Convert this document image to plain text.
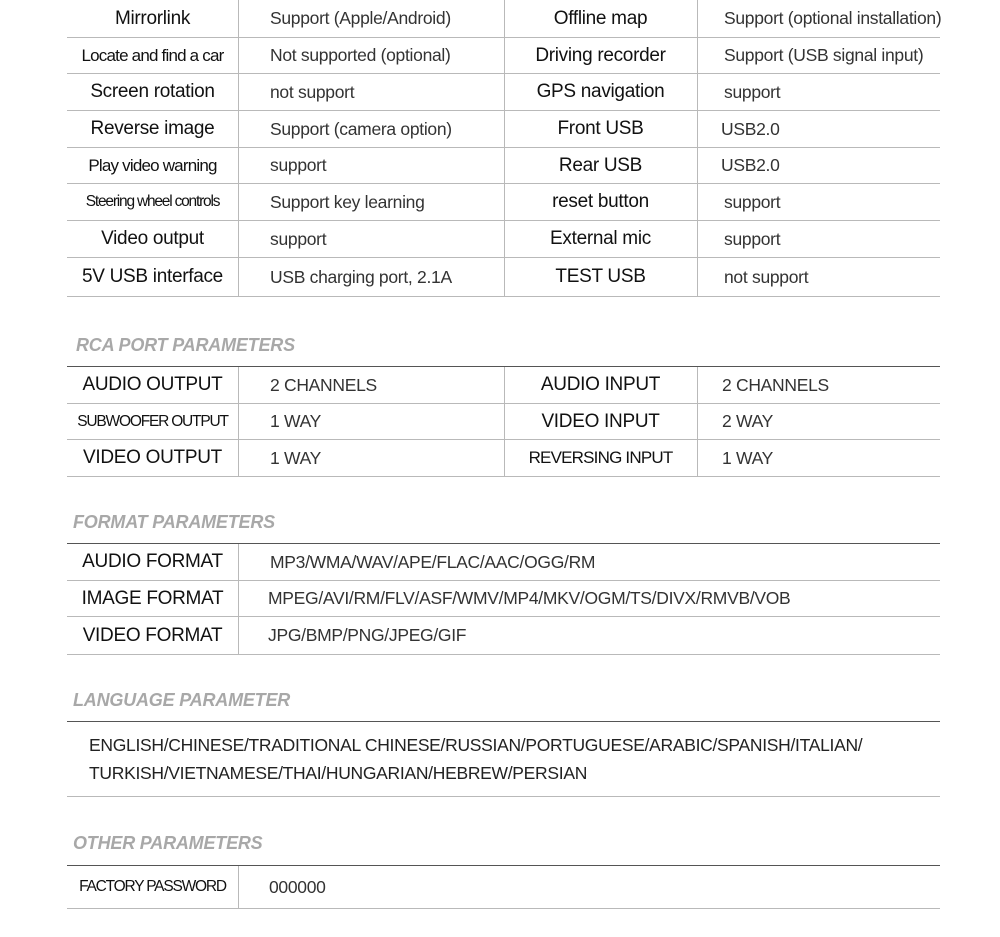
Mirrorlink	Support (Apple/Android)	Offline map	Support (optional installation)
Locate and find a car	Not supported (optional)	Driving recorder	Support (USB signal input)
Screen rotation	not support	GPS navigation	support
Reverse image	Support (camera option)	Front USB	USB2.0
Play video warning	support	Rear USB	USB2.0
Steering wheel controls	Support key learning	reset button	support
Video output	support	External mic	support
5V USB interface	USB charging port, 2.1A	TEST USB	not support
RCA PORT PARAMETERS
AUDIO OUTPUT	2 CHANNELS	AUDIO INPUT	2 CHANNELS
SUBWOOFER OUTPUT	1 WAY	VIDEO INPUT	2 WAY
VIDEO OUTPUT	1 WAY	REVERSING INPUT	1 WAY
FORMAT PARAMETERS
AUDIO FORMAT	MP3/WMA/WAV/APE/FLAC/AAC/OGG/RM
IMAGE FORMAT	MPEG/AVI/RM/FLV/ASF/WMV/MP4/MKV/OGM/TS/DIVX/RMVB/VOB
VIDEO FORMAT	JPG/BMP/PNG/JPEG/GIF
LANGUAGE PARAMETER
ENGLISH/CHINESE/TRADITIONAL CHINESE/RUSSIAN/PORTUGUESE/ARABIC/SPANISH/ITALIAN/
TURKISH/VIETNAMESE/THAI/HUNGARIAN/HEBREW/PERSIAN
OTHER PARAMETERS
FACTORY PASSWORD	000000
